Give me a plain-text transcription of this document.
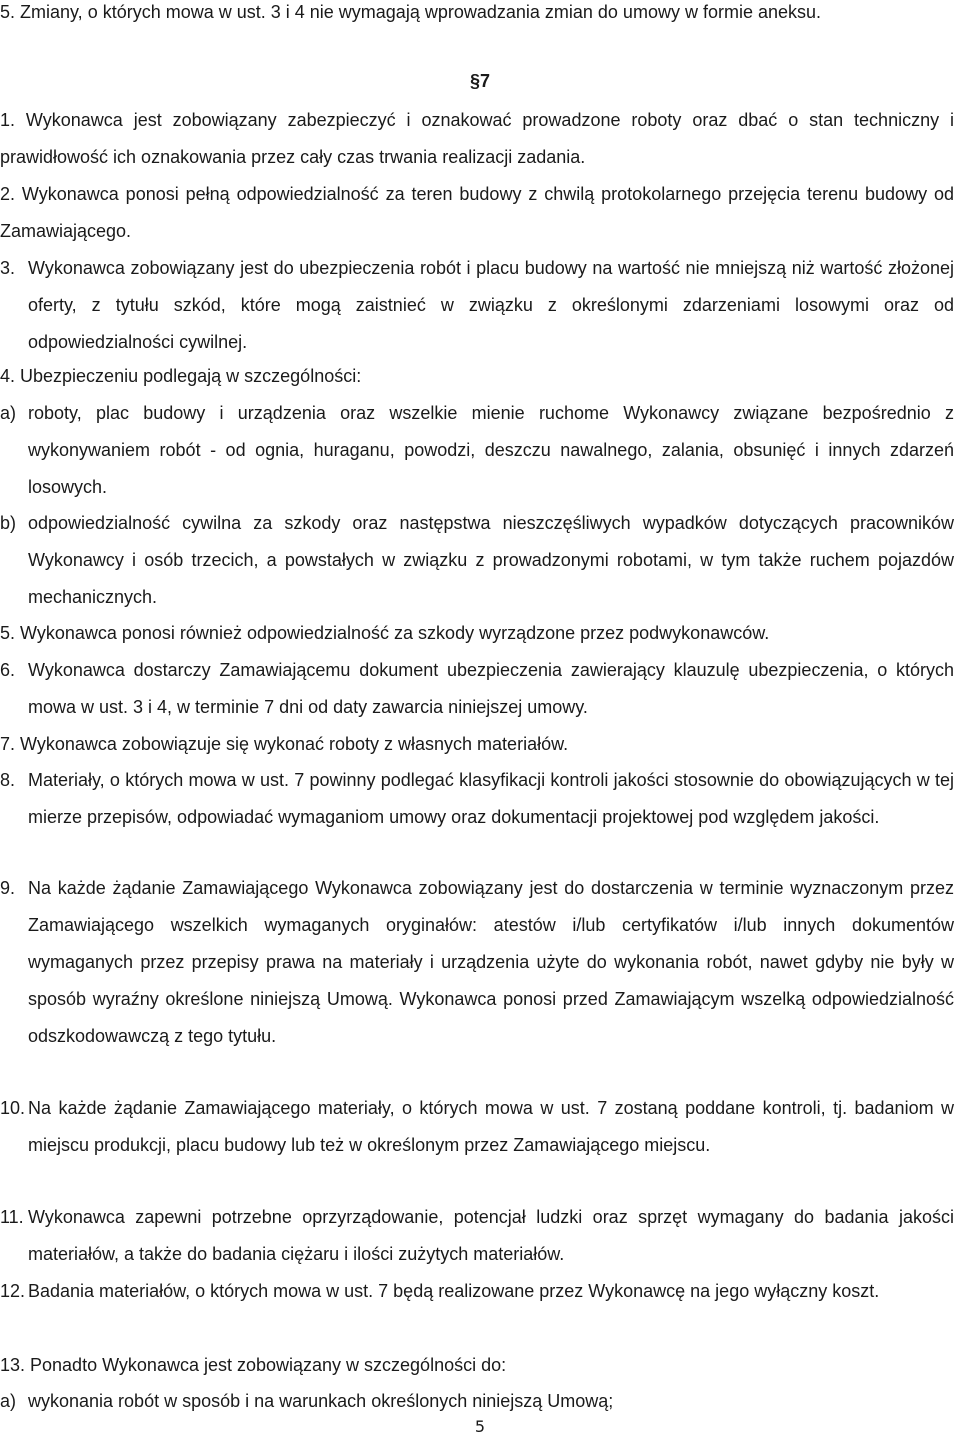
5. Zmiany, o których mowa w ust. 3 i 4 nie wymagają wprowadzania zmian do umowy w formie aneksu.
§7
1. Wykonawca jest zobowiązany zabezpieczyć i oznakować prowadzone roboty oraz dbać o stan techniczny i prawidłowość ich oznakowania przez cały czas trwania realizacji zadania.
2. Wykonawca ponosi pełną odpowiedzialność za teren budowy z chwilą protokolarnego przejęcia terenu budowy od Zamawiającego.
3. Wykonawca zobowiązany jest do ubezpieczenia robót i placu budowy na wartość nie mniejszą niż wartość złożonej oferty, z tytułu szkód, które mogą zaistnieć w związku z określonymi zdarzeniami losowymi oraz od odpowiedzialności cywilnej.
4. Ubezpieczeniu podlegają w szczególności:
a) roboty, plac budowy i urządzenia oraz wszelkie mienie ruchome Wykonawcy związane bezpośrednio z wykonywaniem robót - od ognia, huraganu, powodzi, deszczu nawalnego, zalania, obsunięć i innych zdarzeń losowych.
b) odpowiedzialność cywilna za szkody oraz następstwa nieszczęśliwych wypadków dotyczących pracowników Wykonawcy i osób trzecich, a powstałych w związku z prowadzonymi robotami, w tym także ruchem pojazdów mechanicznych.
5. Wykonawca ponosi również odpowiedzialność za szkody wyrządzone przez podwykonawców.
6. Wykonawca dostarczy Zamawiającemu dokument ubezpieczenia zawierający klauzulę ubezpieczenia, o których mowa w ust. 3 i 4, w terminie 7 dni od daty zawarcia niniejszej umowy.
7. Wykonawca zobowiązuje się wykonać roboty z własnych materiałów.
8. Materiały, o których mowa w ust. 7 powinny podlegać klasyfikacji kontroli jakości stosownie do obowiązujących w tej mierze przepisów, odpowiadać wymaganiom umowy oraz dokumentacji projektowej pod względem jakości.
9. Na każde żądanie Zamawiającego Wykonawca zobowiązany jest do dostarczenia w terminie wyznaczonym przez Zamawiającego wszelkich wymaganych oryginałów: atestów i/lub certyfikatów i/lub innych dokumentów wymaganych przez przepisy prawa na materiały i urządzenia użyte do wykonania robót, nawet gdyby nie były w sposób wyraźny określone niniejszą Umową. Wykonawca ponosi przed Zamawiającym wszelką odpowiedzialność odszkodowawczą z tego tytułu.
10. Na każde żądanie Zamawiającego materiały, o których mowa w ust. 7 zostaną poddane kontroli, tj. badaniom w miejscu produkcji, placu budowy lub też w określonym przez Zamawiającego miejscu.
11. Wykonawca zapewni potrzebne oprzyrządowanie, potencjał ludzki oraz sprzęt wymagany do badania jakości materiałów, a także do badania ciężaru i ilości zużytych materiałów.
12. Badania materiałów, o których mowa w ust. 7 będą realizowane przez Wykonawcę na jego wyłączny koszt.
13. Ponadto Wykonawca jest zobowiązany w szczególności do:
a) wykonania robót w sposób i na warunkach określonych niniejszą Umową;
5
